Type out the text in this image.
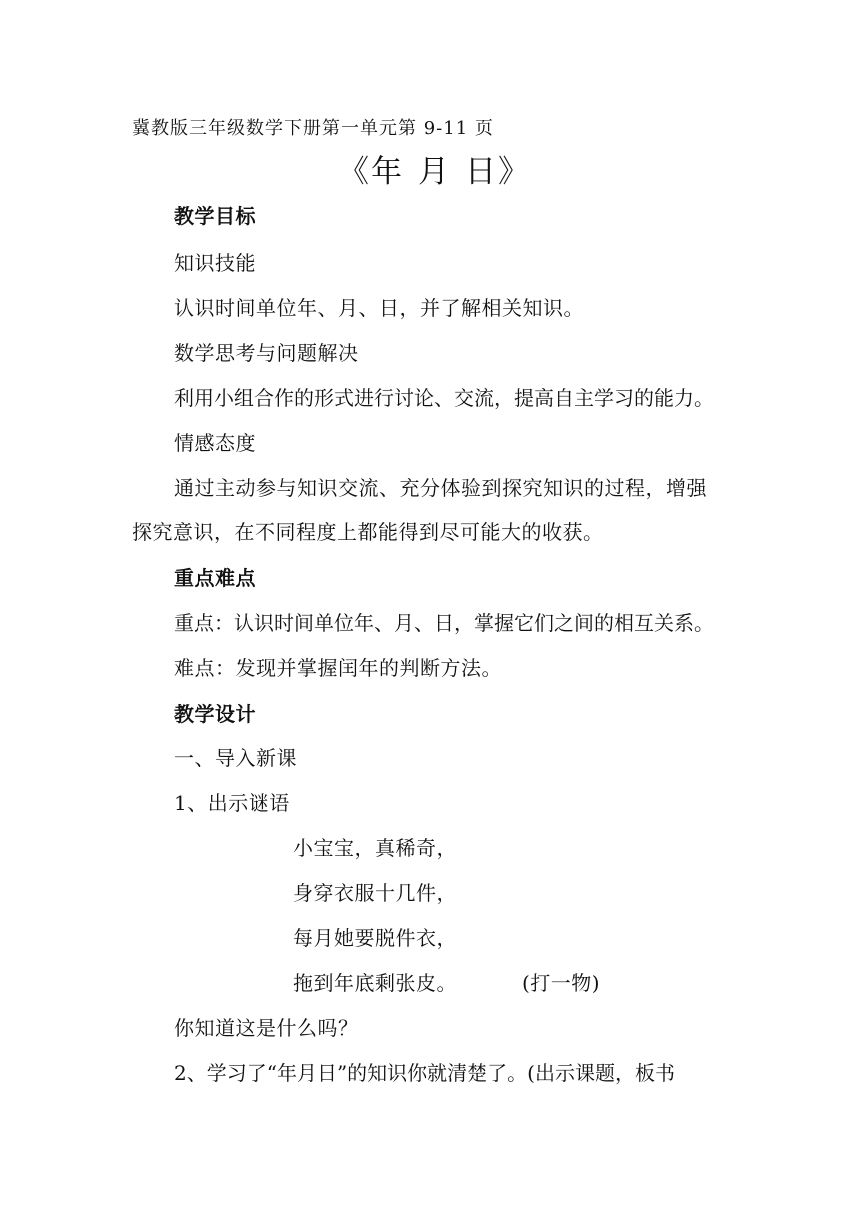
冀教版三年级数学下册第一单元第 9-11 页
《年 月 日》
教学目标
知识技能
认识时间单位年、月、日，并了解相关知识。
数学思考与问题解决
利用小组合作的形式进行讨论、交流，提高自主学习的能力。
情感态度
通过主动参与知识交流、充分体验到探究知识的过程，增强
探究意识，在不同程度上都能得到尽可能大的收获。
重点难点
重点：认识时间单位年、月、日，掌握它们之间的相互关系。
难点：发现并掌握闰年的判断方法。
教学设计
一、导入新课
1、出示谜语
小宝宝，真稀奇，
身穿衣服十几件，
每月她要脱件衣，
拖到年底剩张皮。	(打一物)
你知道这是什么吗？
2、学习了“年月日”的知识你就清楚了。(出示课题，板书
